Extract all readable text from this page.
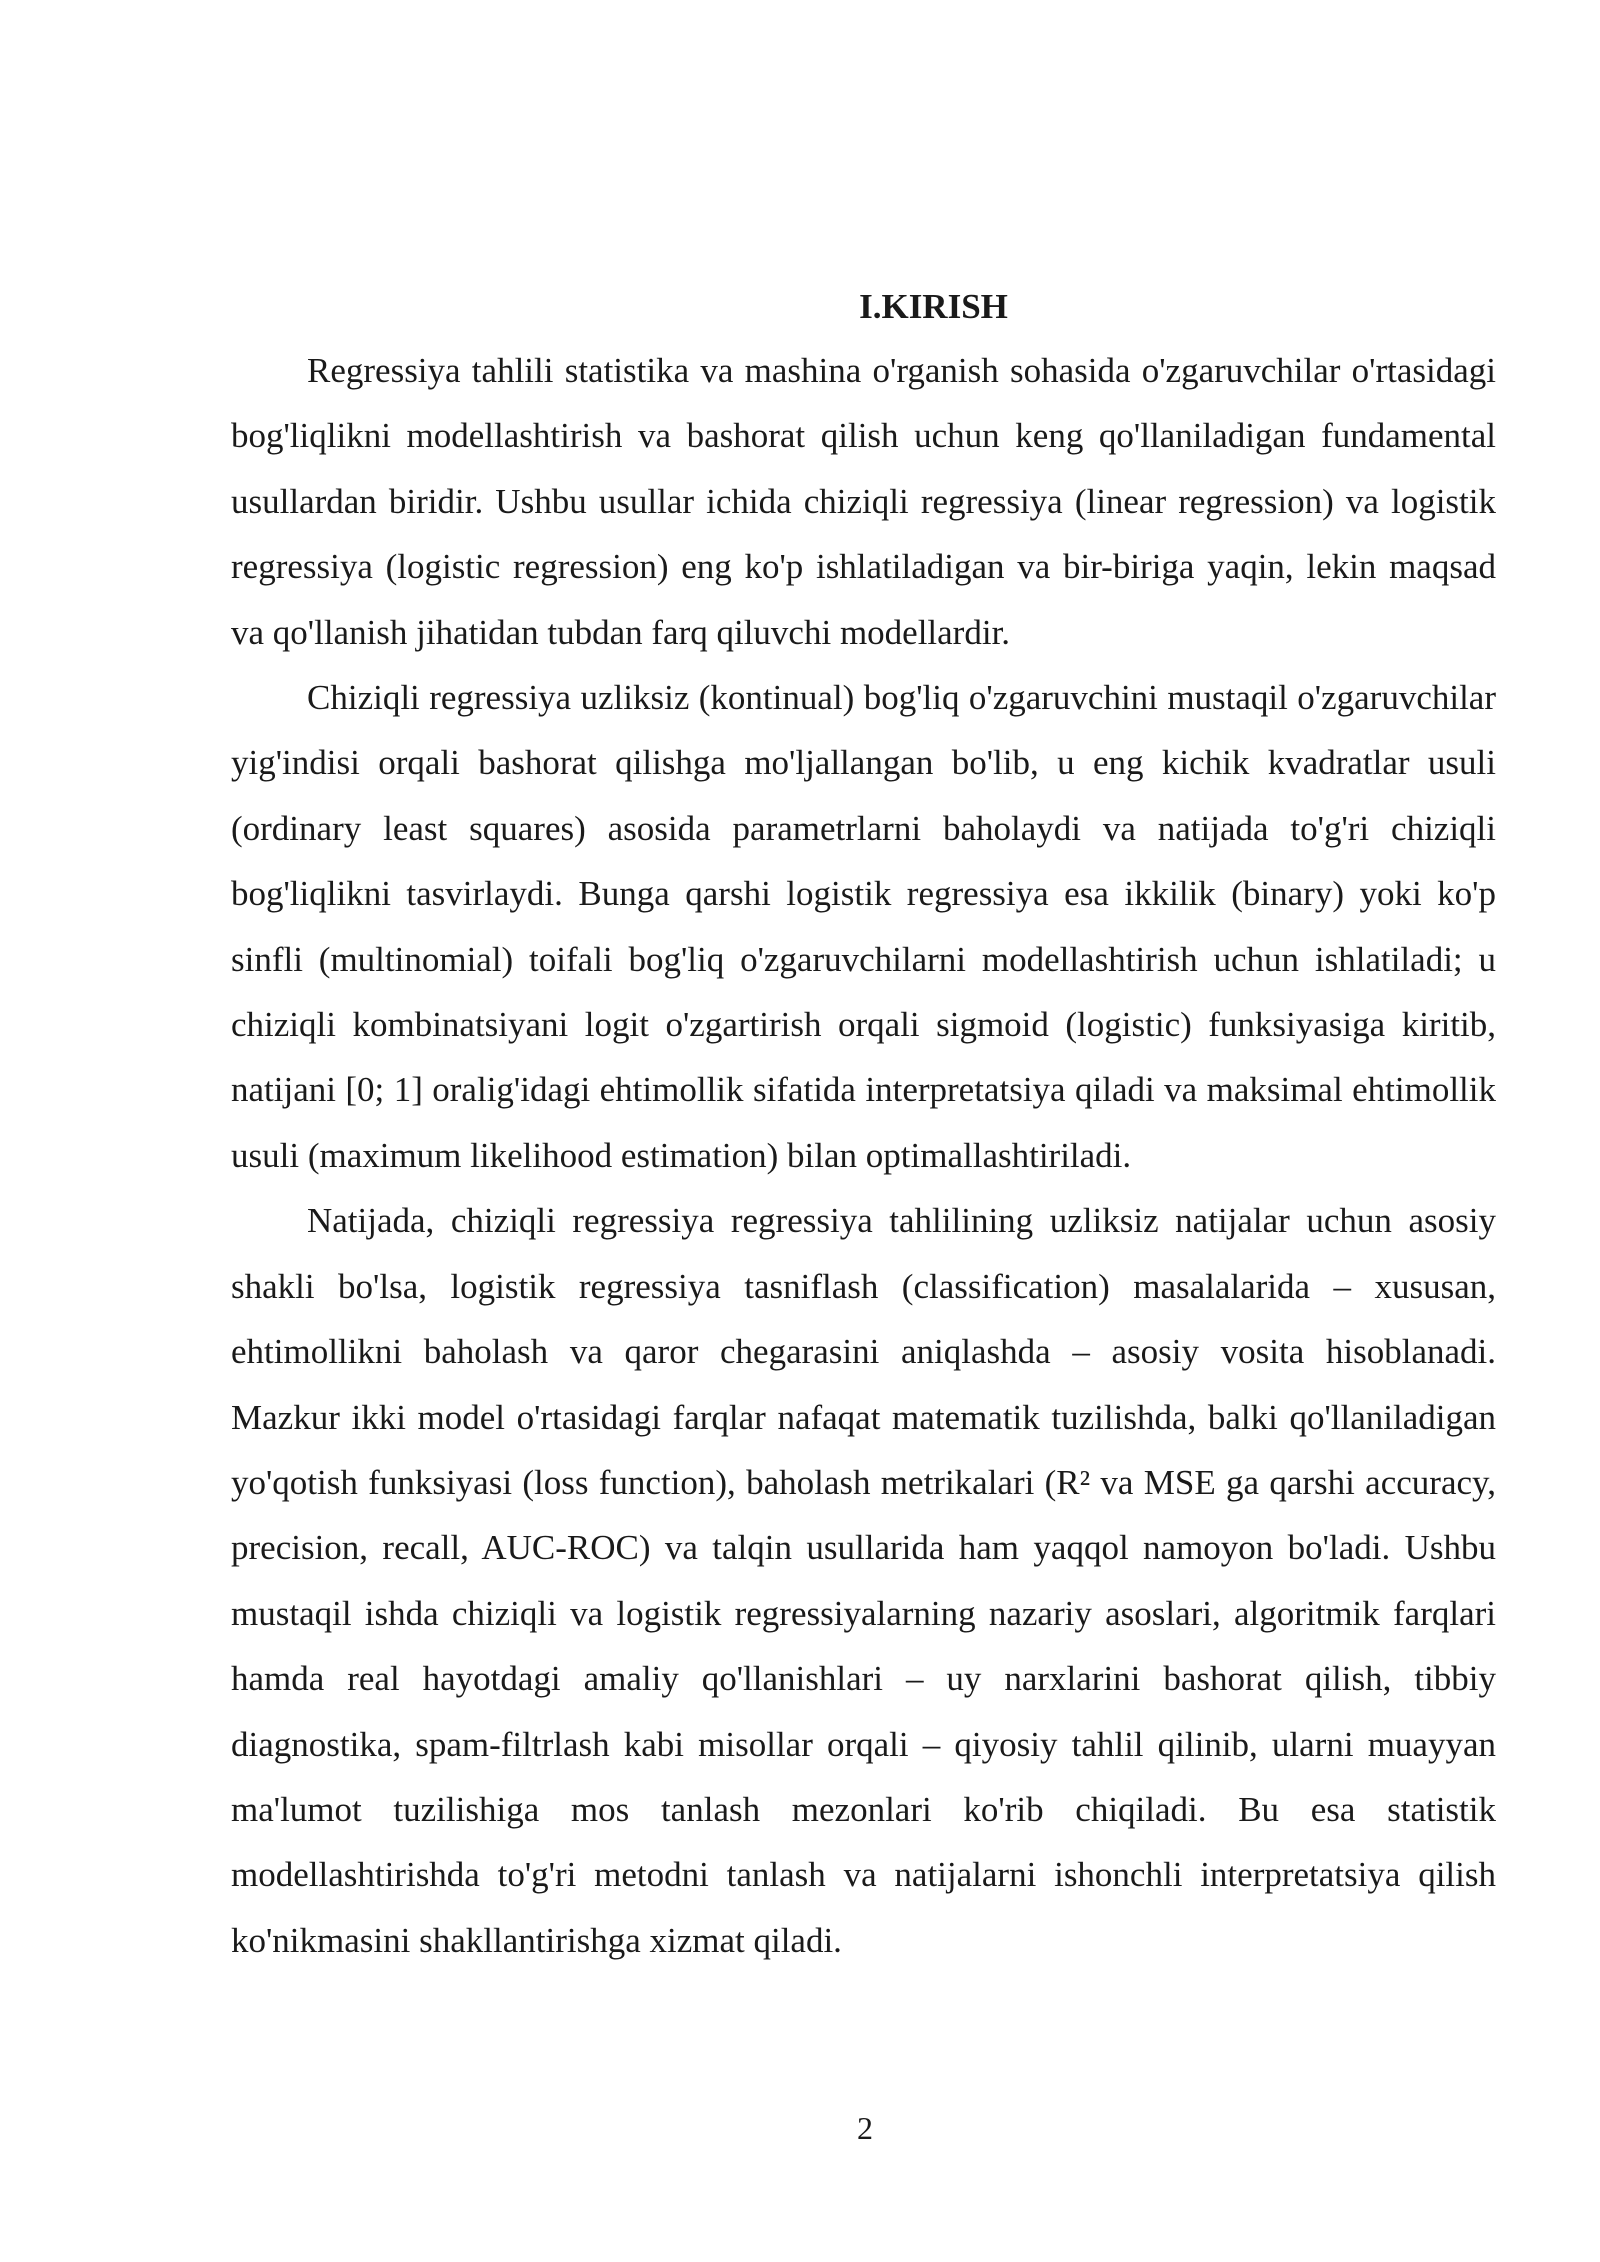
I.KIRISH

Regressiya tahlili statistika va mashina o'rganish sohasida o'zgaruvchilar o'rtasidagi bog'liqlikni modellashtirish va bashorat qilish uchun keng qo'llaniladigan fundamental usullardan biridir. Ushbu usullar ichida chiziqli regressiya (linear regression) va logistik regressiya (logistic regression) eng ko'p ishlatiladigan va bir-biriga yaqin, lekin maqsad va qo'llanish jihatidan tubdan farq qiluvchi modellardir.

Chiziqli regressiya uzliksiz (kontinual) bog'liq o'zgaruvchini mustaqil o'zgaruvchilar yig'indisi orqali bashorat qilishga mo'ljallangan bo'lib, u eng kichik kvadratlar usuli (ordinary least squares) asosida parametrlarni baholaydi va natijada to'g'ri chiziqli bog'liqlikni tasvirlaydi. Bunga qarshi logistik regressiya esa ikkilik (binary) yoki ko'p sinfli (multinomial) toifali bog'liq o'zgaruvchilarni modellashtirish uchun ishlatiladi; u chiziqli kombinatsiyani logit o'zgartirish orqali sigmoid (logistic) funksiyasiga kiritib, natijani [0; 1] oralig'idagi ehtimollik sifatida interpretatsiya qiladi va maksimal ehtimollik usuli (maximum likelihood estimation) bilan optimallashtiriladi.

Natijada, chiziqli regressiya regressiya tahlilining uzliksiz natijalar uchun asosiy shakli bo'lsa, logistik regressiya tasniflash (classification) masalalarida – xususan, ehtimollikni baholash va qaror chegarasini aniqlashda – asosiy vosita hisoblanadi. Mazkur ikki model o'rtasidagi farqlar nafaqat matematik tuzilishda, balki qo'llaniladigan yo'qotish funksiyasi (loss function), baholash metrikalari (R² va MSE ga qarshi accuracy, precision, recall, AUC-ROC) va talqin usullarida ham yaqqol namoyon bo'ladi. Ushbu mustaqil ishda chiziqli va logistik regressiyalarning nazariy asoslari, algoritmik farqlari hamda real hayotdagi amaliy qo'llanishlari – uy narxlarini bashorat qilish, tibbiy diagnostika, spam-filtrlash kabi misollar orqali – qiyosiy tahlil qilinib, ularni muayyan ma'lumot tuzilishiga mos tanlash mezonlari ko'rib chiqiladi. Bu esa statistik modellashtirishda to'g'ri metodni tanlash va natijalarni ishonchli interpretatsiya qilish ko'nikmasini shakllantirishga xizmat qiladi.

2
